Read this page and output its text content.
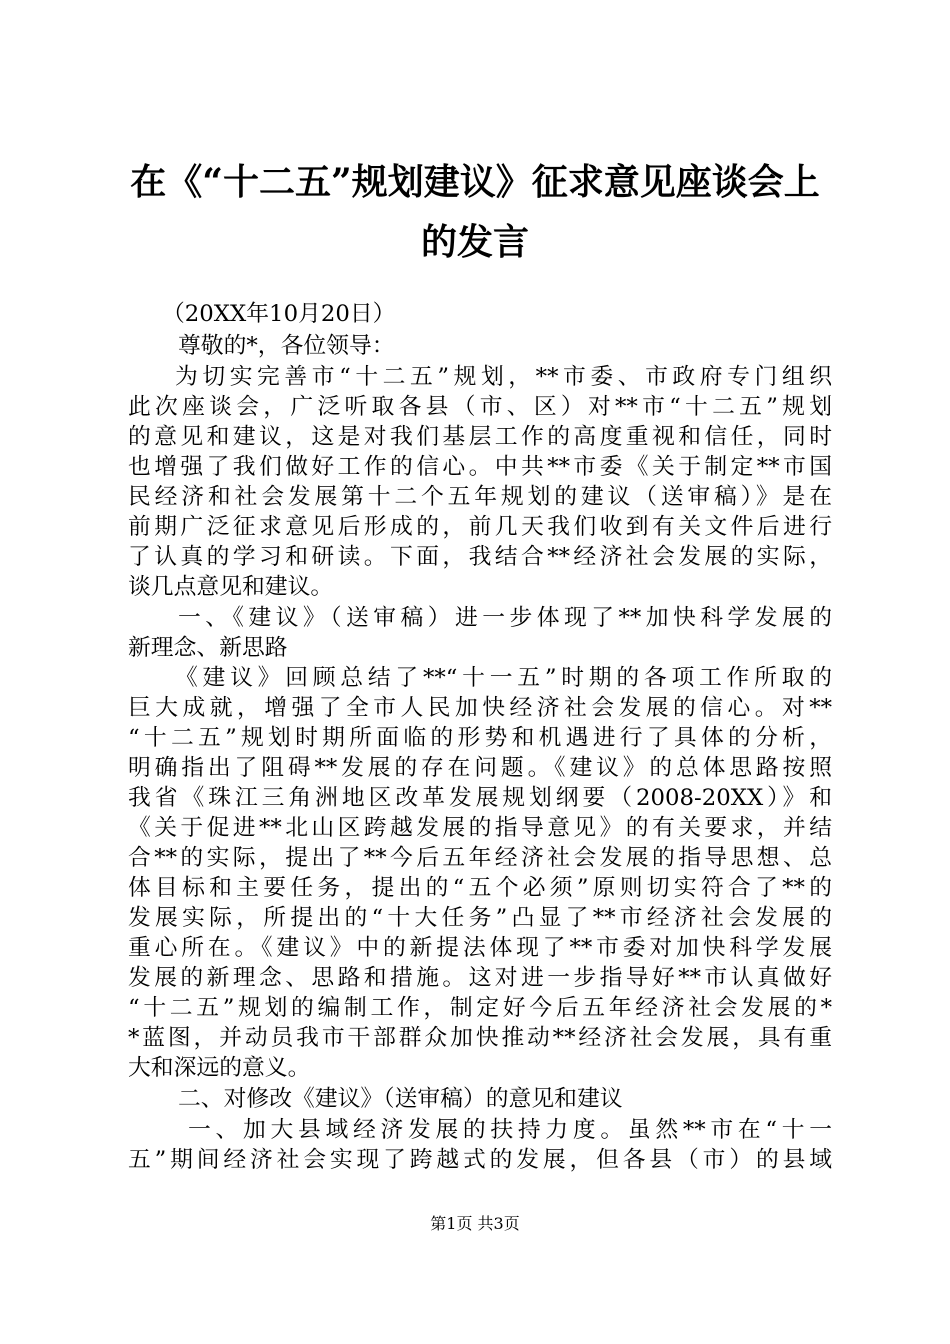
在《“十二五”规划建议》征求意见座谈会上
的发言
（20XX年10月20日）
尊敬的*，各位领导：
为切实完善市“十二五”规划，**市委、市政府专门组织
此次座谈会，广泛听取各县（市、区）对**市“十二五”规划
的意见和建议，这是对我们基层工作的高度重视和信任，同时
也增强了我们做好工作的信心。中共**市委《关于制定**市国
民经济和社会发展第十二个五年规划的建议（送审稿）》是在
前期广泛征求意见后形成的，前几天我们收到有关文件后进行
了认真的学习和研读。下面，我结合**经济社会发展的实际，
谈几点意见和建议。
一、《建议》（送审稿）进一步体现了**加快科学发展的
新理念、新思路
《建议》回顾总结了**“十一五”时期的各项工作所取的
巨大成就，增强了全市人民加快经济社会发展的信心。对**
“十二五”规划时期所面临的形势和机遇进行了具体的分析，
明确指出了阻碍**发展的存在问题。《建议》的总体思路按照
我省《珠江三角洲地区改革发展规划纲要（2008-20XX）》和
《关于促进**北山区跨越发展的指导意见》的有关要求，并结
合**的实际，提出了**今后五年经济社会发展的指导思想、总
体目标和主要任务，提出的“五个必须”原则切实符合了**的
发展实际，所提出的“十大任务”凸显了**市经济社会发展的
重心所在。《建议》中的新提法体现了**市委对加快科学发展
发展的新理念、思路和措施。这对进一步指导好**市认真做好
“十二五”规划的编制工作，制定好今后五年经济社会发展的*
*蓝图，并动员我市干部群众加快推动**经济社会发展，具有重
大和深远的意义。
二、对修改《建议》（送审稿）的意见和建议
一、加大县域经济发展的扶持力度。虽然**市在“十一
五”期间经济社会实现了跨越式的发展，但各县（市）的县域
第1页 共3页
